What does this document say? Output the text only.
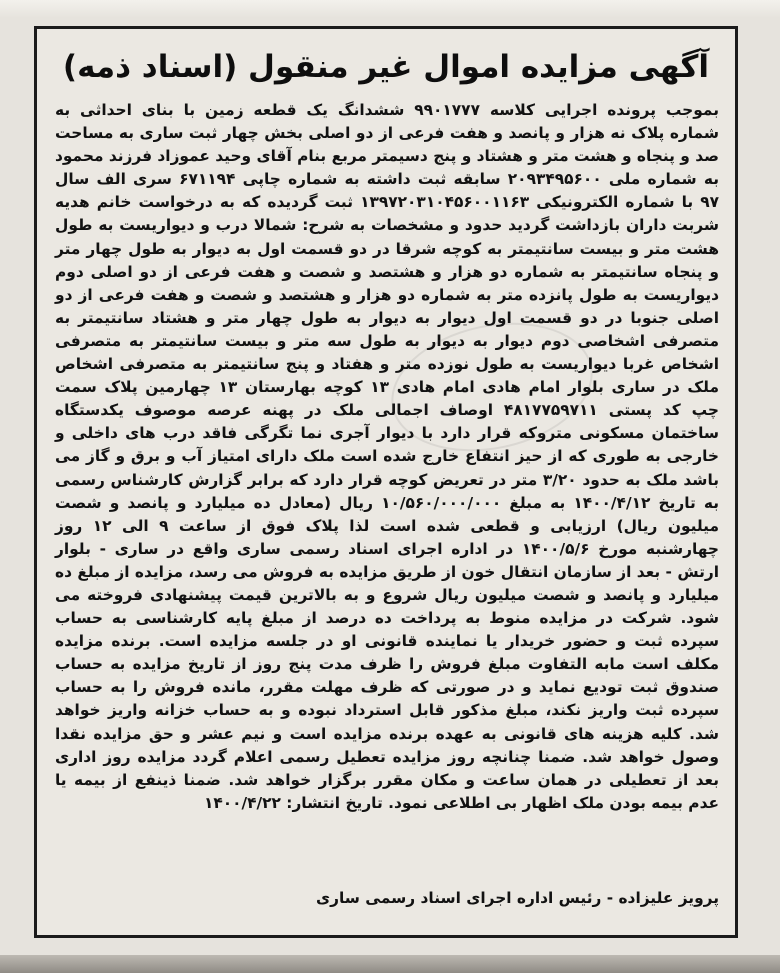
آگهی مزایده اموال غیر منقول (اسناد ذمه)
بموجب پرونده اجرایی کلاسه ۹۹۰۱۷۷۷ ششدانگ یک قطعه زمین با بنای احداثی به شماره پلاک نه هزار و پانصد و هفت فرعی از دو اصلی بخش چهار ثبت ساری به مساحت صد و پنجاه و هشت متر و هشتاد و پنج دسیمتر مربع بنام آقای وحید عموزاد فرزند محمود به شماره ملی ۲۰۹۳۴۹۵۶۰۰ سابقه ثبت داشته به شماره چاپی ۶۷۱۱۹۴ سری الف سال ۹۷ با شماره الکترونیکی ۱۳۹۷۲۰۳۱۰۴۵۶۰۰۱۱۶۳ ثبت گردیده که به درخواست خانم هدیه شربت داران بازداشت گردید حدود و مشخصات به شرح: شمالا درب و دیواریست به طول هشت متر و بیست سانتیمتر به کوچه شرقا در دو قسمت اول به دیوار به طول چهار متر و پنجاه سانتیمتر به شماره دو هزار و هشتصد و شصت و هفت فرعی از دو اصلی دوم دیواریست به طول پانزده متر به شماره دو هزار و هشتصد و شصت و هفت فرعی از دو اصلی جنوبا در دو قسمت اول دیوار به دیوار به طول چهار متر و هشتاد سانتیمتر به متصرفی اشخاصی دوم دیوار به دیوار به طول سه متر و بیست سانتیمتر به متصرفی اشخاص غربا دیواریست به طول نوزده متر و هفتاد و پنج سانتیمتر به متصرفی اشخاص ملک در ساری بلوار امام هادی امام هادی ۱۳ کوچه بهارستان ۱۳ چهارمین پلاک سمت چپ کد پستی ۴۸۱۷۷۵۹۷۱۱ اوصاف اجمالی ملک در پهنه عرصه موصوف یکدستگاه ساختمان مسکونی متروکه قرار دارد با دیوار آجری نما تگرگی فاقد درب های داخلی و خارجی به طوری که از حیز انتفاع خارج شده است ملک دارای امتیاز آب و برق و گاز می باشد ملک به حدود ۳/۲۰ متر در تعریض کوچه قرار دارد که برابر گزارش کارشناس رسمی به تاریخ ۱۴۰۰/۴/۱۲ به مبلغ ۱۰/۵۶۰/۰۰۰/۰۰۰ ریال (معادل ده میلیارد و پانصد و شصت میلیون ریال) ارزیابی و قطعی شده است لذا پلاک فوق از ساعت ۹ الی ۱۲ روز چهارشنبه مورخ ۱۴۰۰/۵/۶ در اداره اجرای اسناد رسمی ساری واقع در ساری - بلوار ارتش - بعد از سازمان انتقال خون از طریق مزایده به فروش می رسد، مزایده از مبلغ ده میلیارد و پانصد و شصت میلیون ریال شروع و به بالاترین قیمت پیشنهادی فروخته می شود. شرکت در مزایده منوط به پرداخت ده درصد از مبلغ پایه کارشناسی به حساب سپرده ثبت و حضور خریدار یا نماینده قانونی او در جلسه مزایده است. برنده مزایده مکلف است مابه التفاوت مبلغ فروش را ظرف مدت پنج روز از تاریخ مزایده به حساب صندوق ثبت تودیع نماید و در صورتی که ظرف مهلت مقرر، مانده فروش را به حساب سپرده ثبت واریز نکند، مبلغ مذکور قابل استرداد نبوده و به حساب خزانه واریز خواهد شد. کلیه هزینه های قانونی به عهده برنده مزایده است و نیم عشر و حق مزایده نقدا وصول خواهد شد. ضمنا چنانچه روز مزایده تعطیل رسمی اعلام گردد مزایده روز اداری بعد از تعطیلی در همان ساعت و مکان مقرر برگزار خواهد شد. ضمنا ذینفع از بیمه یا عدم بیمه بودن ملک اظهار بی اطلاعی نمود. تاریخ انتشار: ۱۴۰۰/۴/۲۲
پرویز علیزاده - رئیس اداره اجرای اسناد رسمی ساری
